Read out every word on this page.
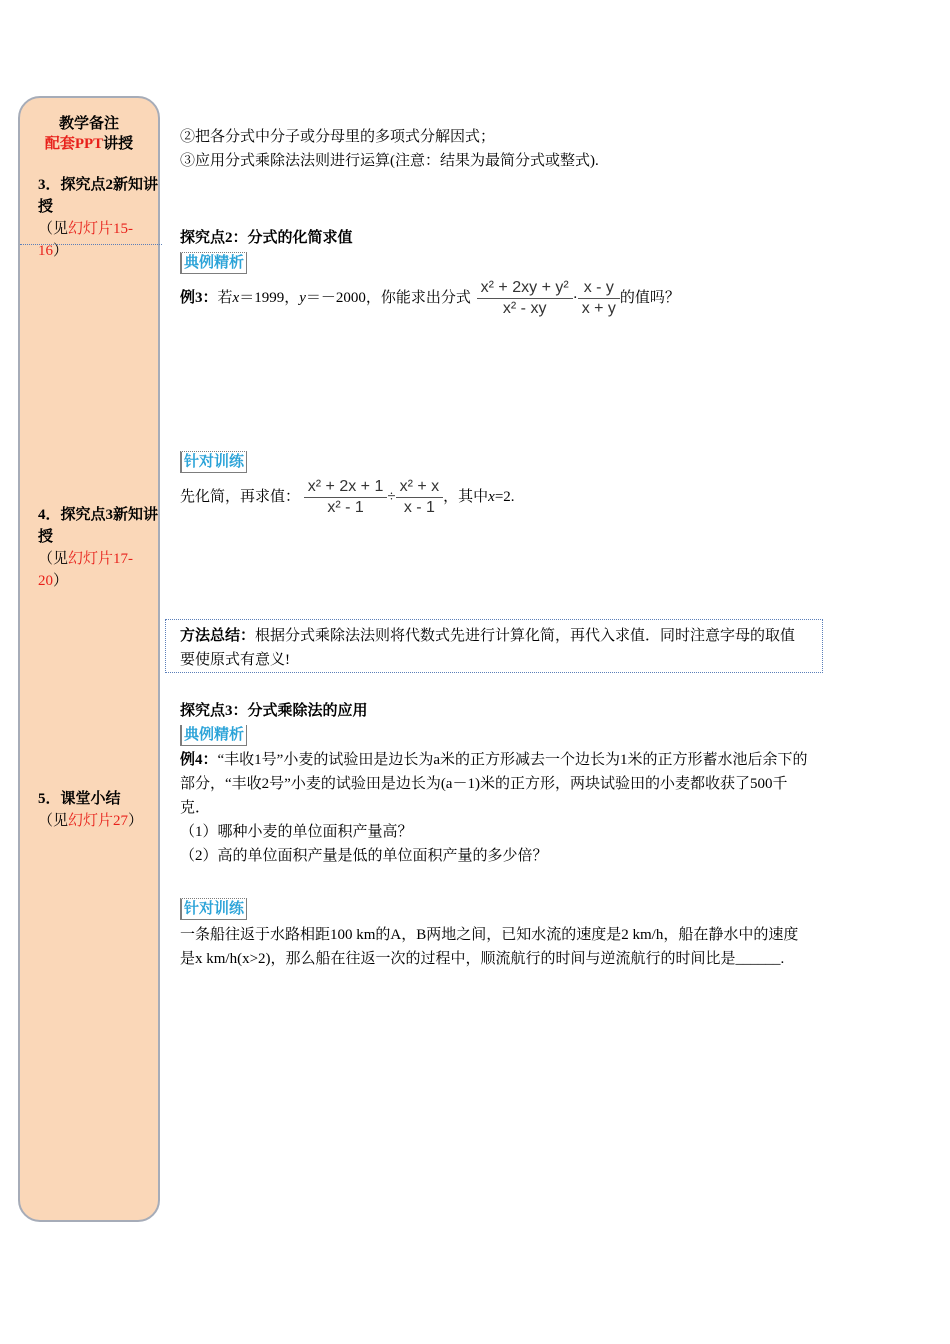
教学备注
配套PPT讲授
3．探究点2新知讲授
（见幻灯片15-16）
4．探究点3新知讲授
（见幻灯片17-20）
5．课堂小结
（见幻灯片27）
②把各分式中分子或分母里的多项式分解因式；
③应用分式乘除法法则进行运算(注意：结果为最简分式或整式).
探究点2：分式的化简求值
典例精析
例3：若x＝1999，y＝－2000，你能求出分式 $\frac{\text{x² + 2xy + y²}}{\text{x² - xy}} \cdot \frac{x - y}{x + y}$ 的值吗？
针对训练
先化简，再求值： $\frac{\text{x² + 2x + 1}}{\text{x² - 1}} \div \frac{\text{x² + x}}{x - 1}$ ，其中x=2.
方法总结：根据分式乘除法法则将代数式先进行计算化简，再代入求值．同时注意字母的取值要使原式有意义!
探究点3：分式乘除法的应用
典例精析
例4：“丰收1号”小麦的试验田是边长为a米的正方形减去一个边长为1米的正方形蓄水池后余下的部分，“丰收2号”小麦的试验田是边长为(a－1)米的正方形，两块试验田的小麦都收获了500千克．
（1）哪种小麦的单位面积产量高？
（2）高的单位面积产量是低的单位面积产量的多少倍？
针对训练
一条船往返于水路相距100 km的A，B两地之间，已知水流的速度是2 km/h，船在静水中的速度是x km/h(x>2)，那么船在往返一次的过程中，顺流航行的时间与逆流航行的时间比是______.
